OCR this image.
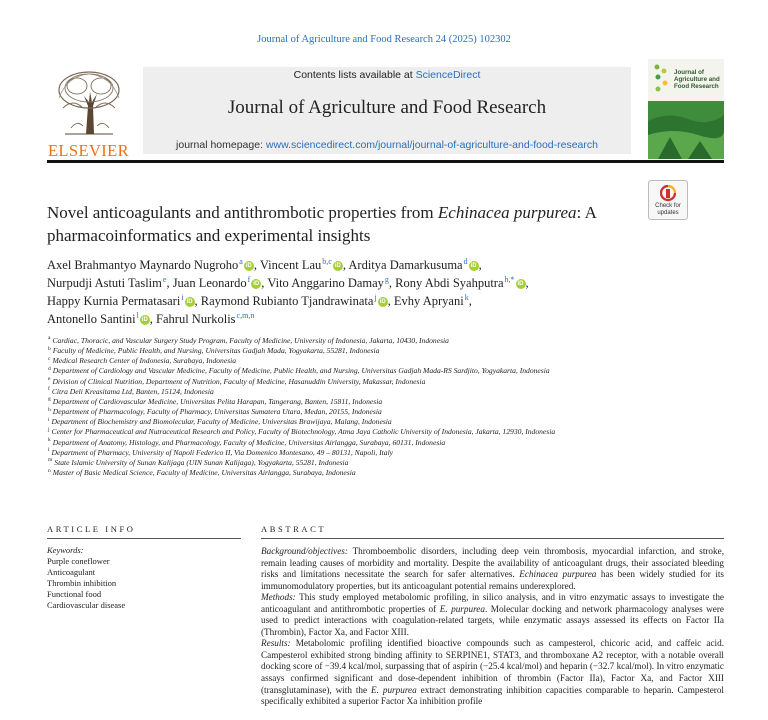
Journal of Agriculture and Food Research 24 (2025) 102302
ELSEVIER
Contents lists available at ScienceDirect
Journal of Agriculture and Food Research
journal homepage: www.sciencedirect.com/journal/journal-of-agriculture-and-food-research
Journal of Agriculture and Food Research
Check for updates
Novel anticoagulants and antithrombotic properties from Echinacea purpurea: A pharmacoinformatics and experimental insights
Axel Brahmantyo Maynardo Nugroho$^a$iD , Vincent Lau$^{b,c}$iD , Arditya Damarkusuma$^d$iD ,
Nurpudji Astuti Taslim$^e$, Juan Leonardo$^f$iD , Vito Anggarino Damay$^g$, Rony Abdi Syahputra$^{h,*}$iD ,
Happy Kurnia Permatasari$^i$iD , Raymond Rubianto Tjandrawinata$^j$iD , Evhy Apryani$^k$,
Antonello Santini$^l$iD , Fahrul Nurkolis$^{c,m,n}$
$^a$ Cardiac, Thoracic, and Vascular Surgery Study Program, Faculty of Medicine, University of Indonesia, Jakarta, 10430, Indonesia
$^b$ Faculty of Medicine, Public Health, and Nursing, Universitas Gadjah Mada, Yogyakarta, 55281, Indonesia
$^c$ Medical Research Center of Indonesia, Surabaya, Indonesia
$^d$ Department of Cardiology and Vascular Medicine, Faculty of Medicine, Public Health, and Nursing, Universitas Gadjah Mada-RS Sardjito, Yogyakarta, Indonesia
$^e$ Division of Clinical Nutrition, Department of Nutrition, Faculty of Medicine, Hasanuddin University, Makassar, Indonesia
$^f$ Citra Deli Kreasitama Ltd, Banten, 15124, Indonesia
$^g$ Department of Cardiovascular Medicine, Universitas Pelita Harapan, Tangerang, Banten, 15811, Indonesia
$^h$ Department of Pharmacology, Faculty of Pharmacy, Universitas Sumatera Utara, Medan, 20155, Indonesia
$^i$ Department of Biochemistry and Biomolecular, Faculty of Medicine, Universitas Brawijaya, Malang, Indonesia
$^j$ Center for Pharmaceutical and Nutraceutical Research and Policy, Faculty of Biotechnology, Atma Jaya Catholic University of Indonesia, Jakarta, 12930, Indonesia
$^k$ Department of Anatomy, Histology, and Pharmacology, Faculty of Medicine, Universitas Airlangga, Surabaya, 60131, Indonesia
$^l$ Department of Pharmacy, University of Napoli Federico II, Via Domenico Montesano, 49 – 80131, Napoli, Italy
$^m$ State Islamic University of Sunan Kalijaga (UIN Sunan Kalijaga), Yogyakarta, 55281, Indonesia
$^n$ Master of Basic Medical Science, Faculty of Medicine, Universitas Airlangga, Surabaya, Indonesia
ARTICLE INFO	ABSTRACT
Keywords:
Purple coneflower
Anticoagulant
Thrombin inhibition
Functional food
Cardiovascular disease

Background/objectives: Thromboembolic disorders, including deep vein thrombosis, myocardial infarction, and stroke, remain leading causes of morbidity and mortality. Despite the availability of anticoagulant drugs, their associated bleeding risks and limitations necessitate the search for safer alternatives. Echinacea purpurea has been widely studied for its immunomodulatory properties, but its anticoagulant potential remains underexplored.

Methods: This study employed metabolomic profiling, in silico analysis, and in vitro enzymatic assays to investigate the anticoagulant and antithrombotic properties of E. purpurea. Molecular docking and network pharmacology analyses were used to predict interactions with coagulation-related targets, while enzymatic assays assessed its effects on Factor IIa (Thrombin), Factor Xa, and Factor XIII.

Results: Metabolomic profiling identified bioactive compounds such as campesterol, chicoric acid, and caffeic acid. Campesterol exhibited strong binding affinity to SERPINE1, STAT3, and thromboxane A2 receptor, with a notable overall docking score of −39.4 kcal/mol, surpassing that of aspirin (−25.4 kcal/mol) and heparin (−32.7 kcal/mol). In vitro enzymatic assays confirmed significant and dose-dependent inhibition of thrombin (Factor IIa), Factor Xa, and Factor XIII (transglutaminase), with the E. purpurea extract demonstrating inhibition capacities comparable to heparin. Campesterol specifically exhibited a superior Factor Xa inhibition profile
